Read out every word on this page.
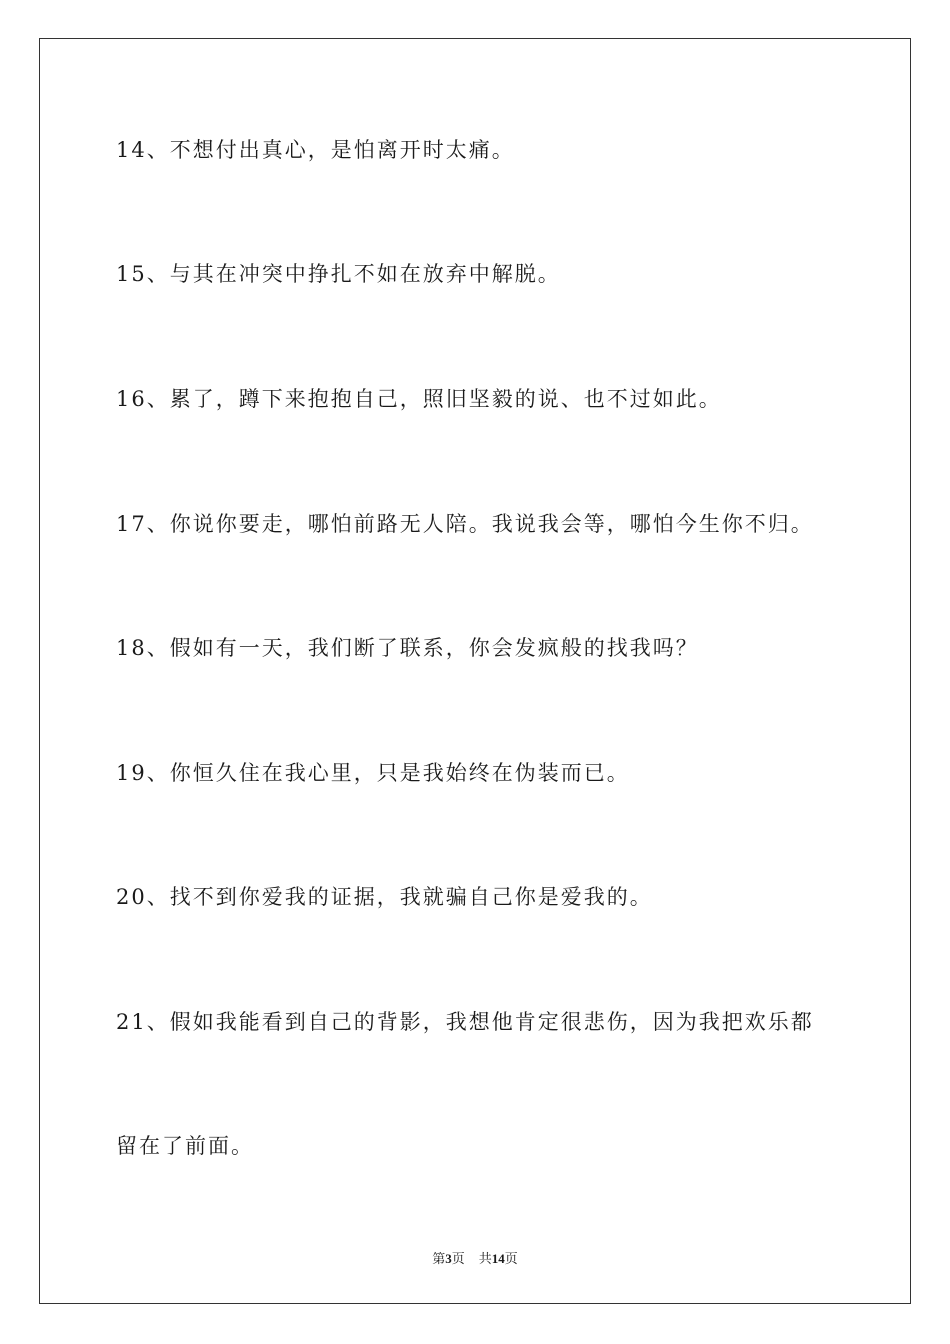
14、不想付出真心，是怕离开时太痛。
15、与其在冲突中挣扎不如在放弃中解脱。
16、累了，蹲下来抱抱自己，照旧坚毅的说、也不过如此。
17、你说你要走，哪怕前路无人陪。我说我会等，哪怕今生你不归。
18、假如有一天，我们断了联系，你会发疯般的找我吗？
19、你恒久住在我心里，只是我始终在伪装而已。
20、找不到你爱我的证据，我就骗自己你是爱我的。
21、假如我能看到自己的背影，我想他肯定很悲伤，因为我把欢乐都
留在了前面。
第3页 共14页
